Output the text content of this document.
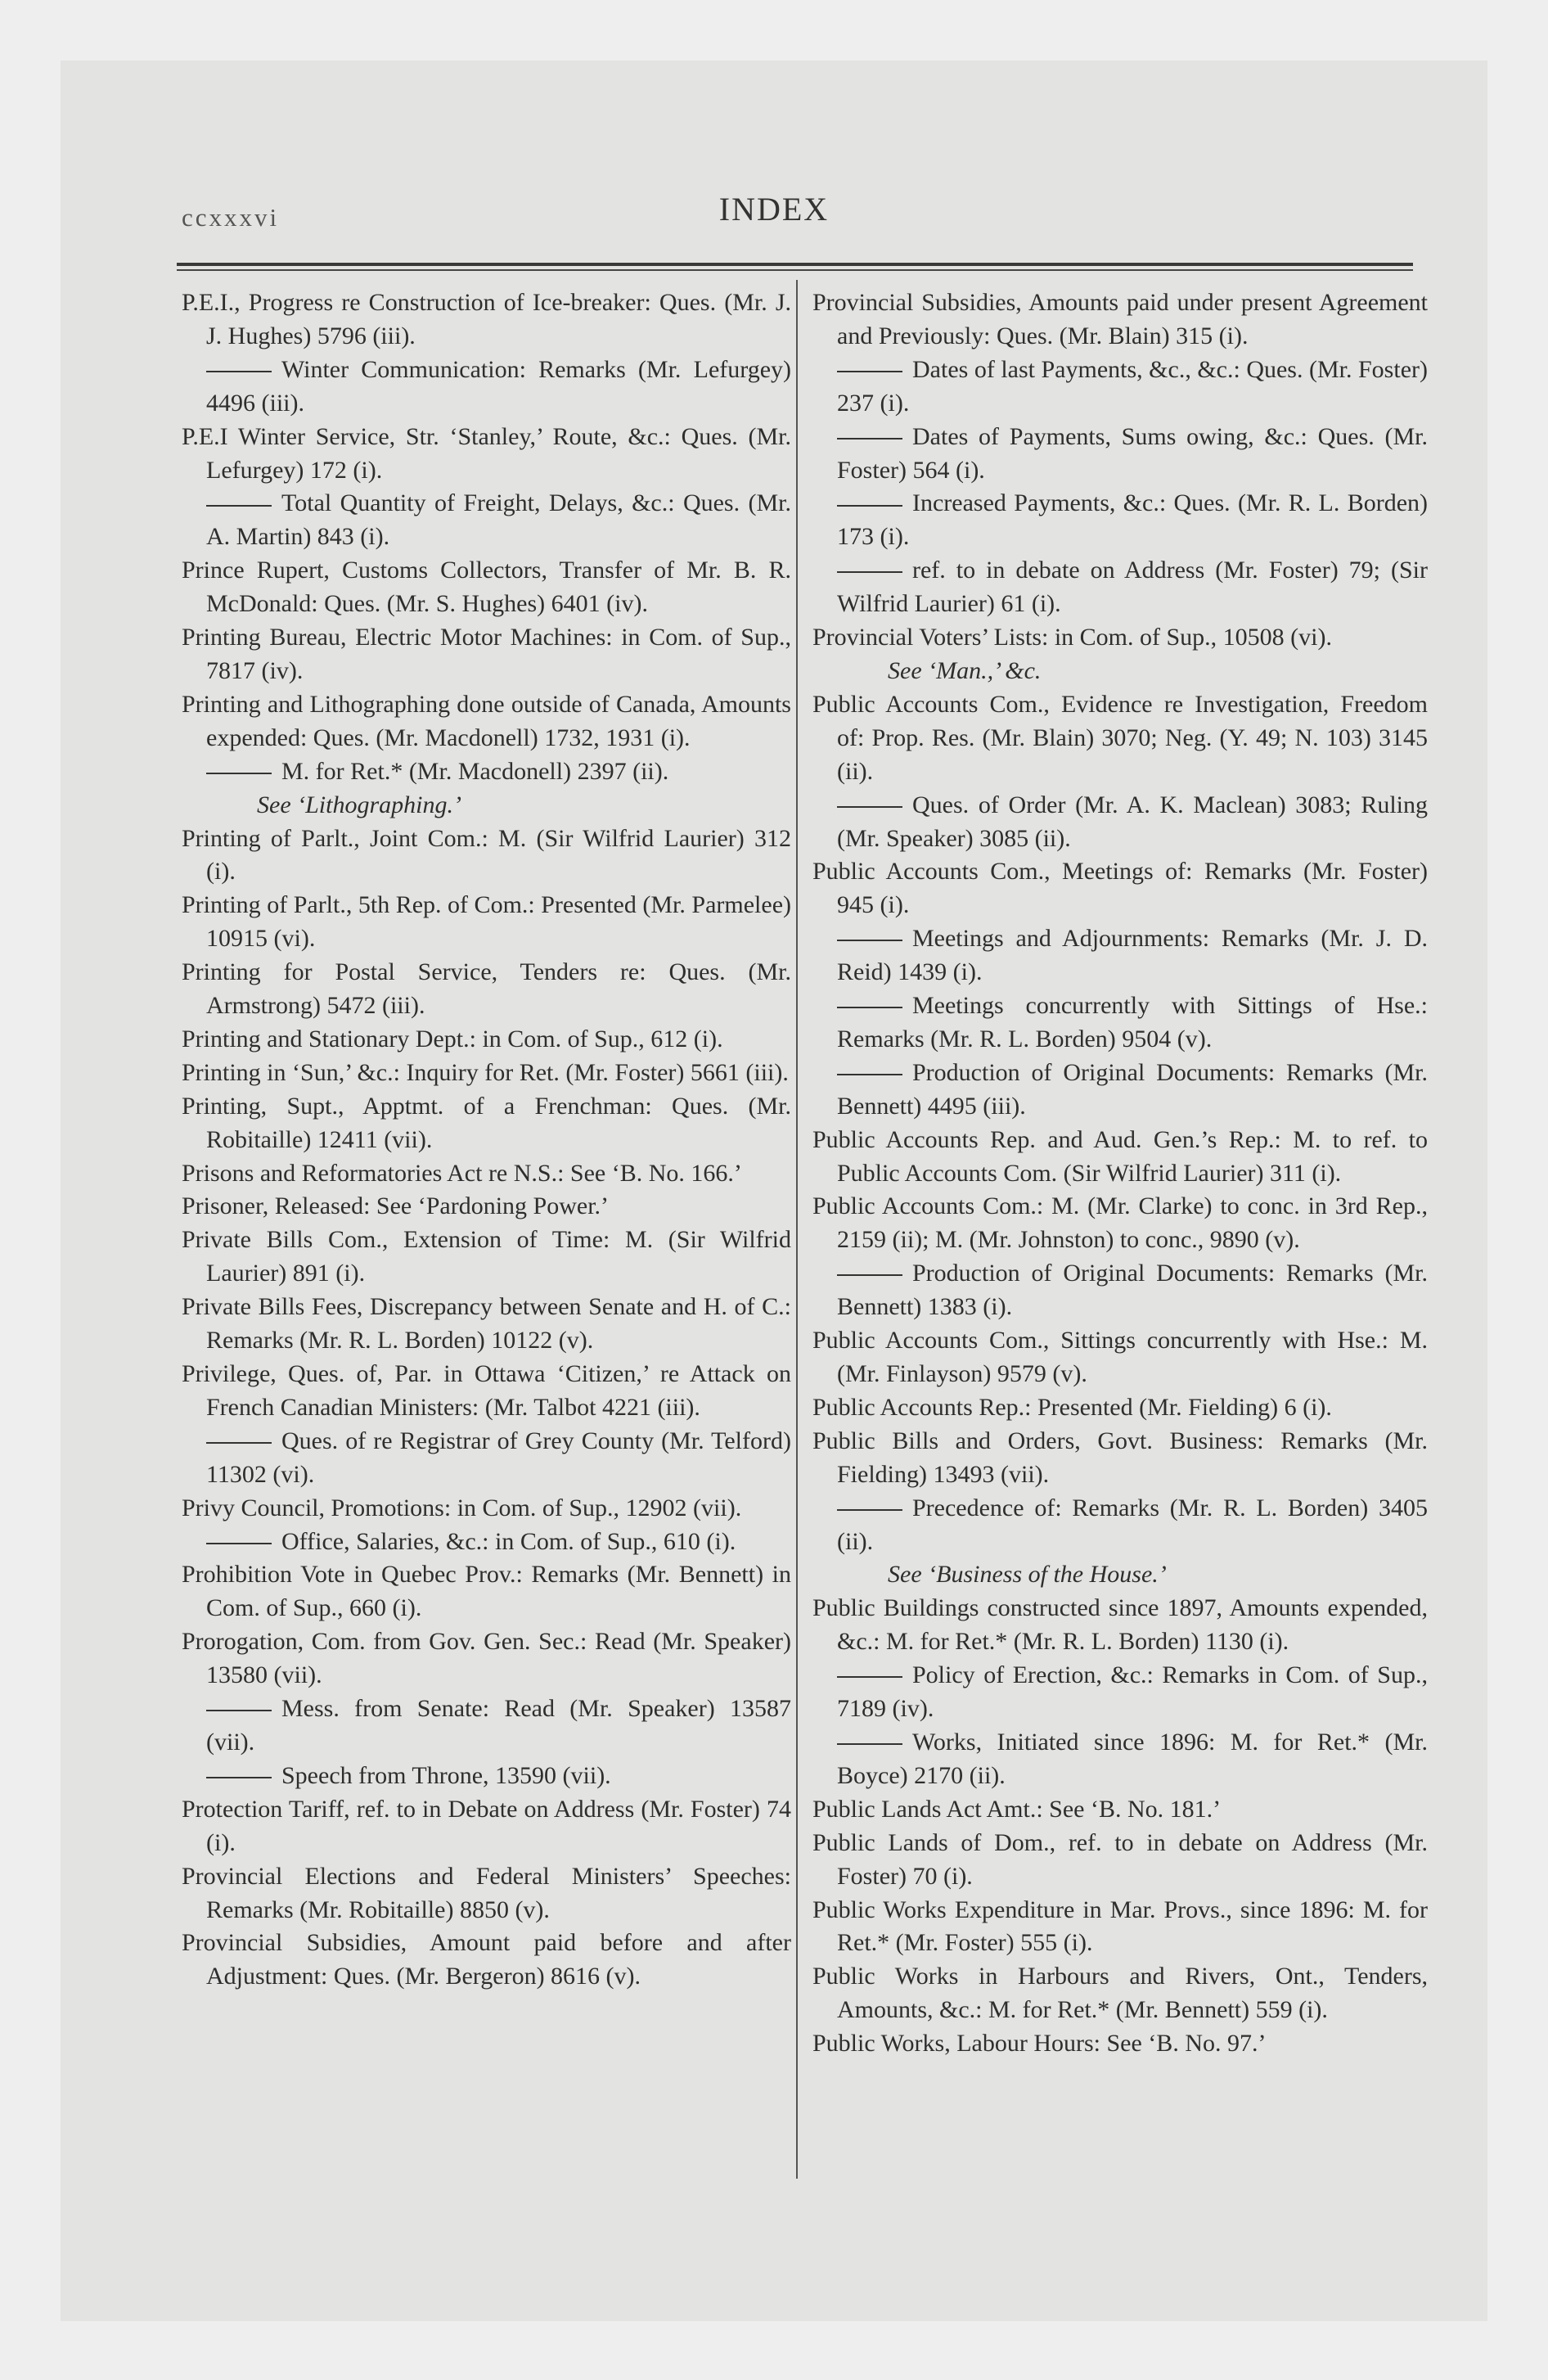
ccxxxvi	INDEX

P.E.I., Progress re Construction of Ice-breaker: Ques. (Mr. J. J. Hughes) 5796 (iii).

Winter Communication: Remarks (Mr. Lefurgey) 4496 (iii).

P.E.I Winter Service, Str. ‘Stanley,’ Route, &c.: Ques. (Mr. Lefurgey) 172 (i).

Total Quantity of Freight, Delays, &c.: Ques. (Mr. A. Martin) 843 (i).

Prince Rupert, Customs Collectors, Transfer of Mr. B. R. McDonald: Ques. (Mr. S. Hughes) 6401 (iv).

Printing Bureau, Electric Motor Machines: in Com. of Sup., 7817 (iv).

Printing and Lithographing done outside of Canada, Amounts expended: Ques. (Mr. Macdonell) 1732, 1931 (i).

M. for Ret.* (Mr. Macdonell) 2397 (ii).

See ‘Lithographing.’

Printing of Parlt., Joint Com.: M. (Sir Wilfrid Laurier) 312 (i).

Printing of Parlt., 5th Rep. of Com.: Presented (Mr. Parmelee) 10915 (vi).

Printing for Postal Service, Tenders re: Ques. (Mr. Armstrong) 5472 (iii).

Printing and Stationary Dept.: in Com. of Sup., 612 (i).

Printing in ‘Sun,’ &c.: Inquiry for Ret. (Mr. Foster) 5661 (iii).

Printing, Supt., Apptmt. of a Frenchman: Ques. (Mr. Robitaille) 12411 (vii).

Prisons and Reformatories Act re N.S.: See ‘B. No. 166.’

Prisoner, Released: See ‘Pardoning Power.’

Private Bills Com., Extension of Time: M. (Sir Wilfrid Laurier) 891 (i).

Private Bills Fees, Discrepancy between Senate and H. of C.: Remarks (Mr. R. L. Borden) 10122 (v).

Privilege, Ques. of, Par. in Ottawa ‘Citizen,’ re Attack on French Canadian Ministers: (Mr. Talbot 4221 (iii).

Ques. of re Registrar of Grey County (Mr. Telford) 11302 (vi).

Privy Council, Promotions: in Com. of Sup., 12902 (vii).

Office, Salaries, &c.: in Com. of Sup., 610 (i).

Prohibition Vote in Quebec Prov.: Remarks (Mr. Bennett) in Com. of Sup., 660 (i).

Prorogation, Com. from Gov. Gen. Sec.: Read (Mr. Speaker) 13580 (vii).

Mess. from Senate: Read (Mr. Speaker) 13587 (vii).

Speech from Throne, 13590 (vii).

Protection Tariff, ref. to in Debate on Address (Mr. Foster) 74 (i).

Provincial Elections and Federal Ministers’ Speeches: Remarks (Mr. Robitaille) 8850 (v).

Provincial Subsidies, Amount paid before and after Adjustment: Ques. (Mr. Bergeron) 8616 (v).

Provincial Subsidies, Amounts paid under present Agreement and Previously: Ques. (Mr. Blain) 315 (i).

Dates of last Payments, &c., &c.: Ques. (Mr. Foster) 237 (i).

Dates of Payments, Sums owing, &c.: Ques. (Mr. Foster) 564 (i).

Increased Payments, &c.: Ques. (Mr. R. L. Borden) 173 (i).

ref. to in debate on Address (Mr. Foster) 79; (Sir Wilfrid Laurier) 61 (i).

Provincial Voters’ Lists: in Com. of Sup., 10508 (vi).

See ‘Man.,’ &c.

Public Accounts Com., Evidence re Investigation, Freedom of: Prop. Res. (Mr. Blain) 3070; Neg. (Y. 49; N. 103) 3145 (ii).

Ques. of Order (Mr. A. K. Maclean) 3083; Ruling (Mr. Speaker) 3085 (ii).

Public Accounts Com., Meetings of: Remarks (Mr. Foster) 945 (i).

Meetings and Adjournments: Remarks (Mr. J. D. Reid) 1439 (i).

Meetings concurrently with Sittings of Hse.: Remarks (Mr. R. L. Borden) 9504 (v).

Production of Original Documents: Remarks (Mr. Bennett) 4495 (iii).

Public Accounts Rep. and Aud. Gen.’s Rep.: M. to ref. to Public Accounts Com. (Sir Wilfrid Laurier) 311 (i).

Public Accounts Com.: M. (Mr. Clarke) to conc. in 3rd Rep., 2159 (ii); M. (Mr. Johnston) to conc., 9890 (v).

Production of Original Documents: Remarks (Mr. Bennett) 1383 (i).

Public Accounts Com., Sittings concurrently with Hse.: M. (Mr. Finlayson) 9579 (v).

Public Accounts Rep.: Presented (Mr. Fielding) 6 (i).

Public Bills and Orders, Govt. Business: Remarks (Mr. Fielding) 13493 (vii).

Precedence of: Remarks (Mr. R. L. Borden) 3405 (ii).

See ‘Business of the House.’

Public Buildings constructed since 1897, Amounts expended, &c.: M. for Ret.* (Mr. R. L. Borden) 1130 (i).

Policy of Erection, &c.: Remarks in Com. of Sup., 7189 (iv).

Works, Initiated since 1896: M. for Ret.* (Mr. Boyce) 2170 (ii).

Public Lands Act Amt.: See ‘B. No. 181.’

Public Lands of Dom., ref. to in debate on Address (Mr. Foster) 70 (i).

Public Works Expenditure in Mar. Provs., since 1896: M. for Ret.* (Mr. Foster) 555 (i).

Public Works in Harbours and Rivers, Ont., Tenders, Amounts, &c.: M. for Ret.* (Mr. Bennett) 559 (i).

Public Works, Labour Hours: See ‘B. No. 97.’
